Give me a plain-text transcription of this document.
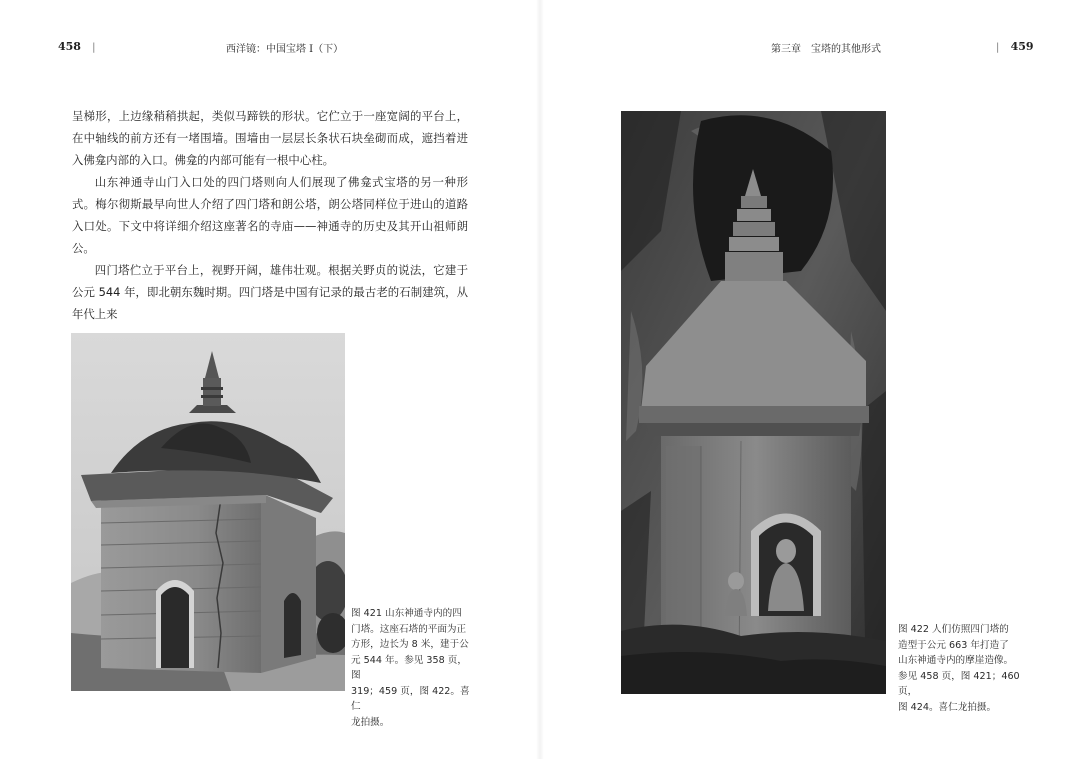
458 |	西洋镜：中国宝塔 I（下）	第三章　宝塔的其他形式	| 459

呈梯形，上边缘稍稍拱起，类似马蹄铁的形状。它伫立于一座宽阔的平台上，在中轴线的前方还有一堵围墙。围墙由一层层长条状石块垒砌而成，遮挡着进入佛龛内部的入口。佛龛的内部可能有一根中心柱。

山东神通寺山门入口处的四门塔则向人们展现了佛龛式宝塔的另一种形式。梅尔彻斯最早向世人介绍了四门塔和朗公塔，朗公塔同样位于进山的道路入口处。下文中将详细介绍这座著名的寺庙——神通寺的历史及其开山祖师朗公。

四门塔伫立于平台上，视野开阔，雄伟壮观。根据关野贞的说法，它建于公元 544 年，即北朝东魏时期。四门塔是中国有记录的最古老的石制建筑，从年代上来

图 421 山东神通寺内的四
门塔。这座石塔的平面为正
方形，边长为 8 米，建于公
元 544 年。参见 358 页，图
319；459 页，图 422。喜仁
龙拍摄。
图 422 人们仿照四门塔的
造型于公元 663 年打造了
山东神通寺内的摩崖造像。
参见 458 页，图 421；460 页，
图 424。喜仁龙拍摄。
